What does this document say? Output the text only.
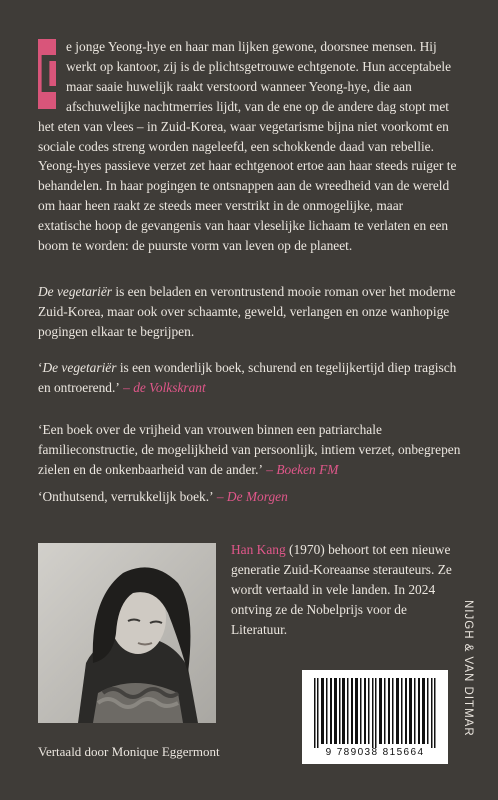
D
e jonge Yeong-hye en haar man lijken gewone, doorsnee mensen. Hij werkt op kantoor, zij is de plichtsgetrouwe echtgenote. Hun acceptabele maar saaie huwelijk raakt verstoord wanneer Yeong-hye, die aan afschuwelijke nachtmerries lijdt, van de ene op de andere dag stopt met het eten van vlees – in Zuid-Korea, waar vegetarisme bijna niet voorkomt en sociale codes streng worden nageleefd, een schokkende daad van rebellie. Yeong-hyes passieve verzet zet haar echtgenoot ertoe aan haar steeds ruiger te behandelen. In haar pogingen te ontsnappen aan de wreedheid van de wereld om haar heen raakt ze steeds meer verstrikt in de onmogelijke, maar extatische hoop de gevangenis van haar vleselijke lichaam te verlaten en een boom te worden: de puurste vorm van leven op de planeet.

De vegetariër is een beladen en verontrustend mooie roman over het moderne Zuid-Korea, maar ook over schaamte, geweld, verlangen en onze wanhopige pogingen elkaar te begrijpen.

‘De vegetariër is een wonderlijk boek, schurend en tegelijkertijd diep tragisch en ontroerend.’ – de Volkskrant

‘Een boek over de vrijheid van vrouwen binnen een patriarchale familieconstructie, de mogelijkheid van persoonlijk, intiem verzet, onbegrepen zielen en de onkenbaarheid van de ander.’ – Boeken FM

‘Onthutsend, verrukkelijk boek.’ – De Morgen

Han Kang (1970) behoort tot een nieuwe generatie Zuid-Koreaanse sterauteurs. Ze wordt vertaald in vele landen. In 2024 ontving ze de Nobelprijs voor de Literatuur.

Vertaald door Monique Eggermont	9 789038 815664

NIJGH & VAN DITMAR
